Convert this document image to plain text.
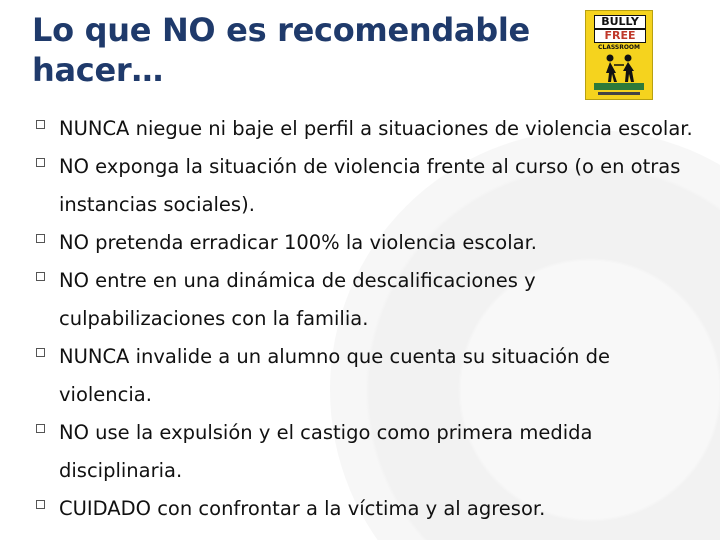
Lo que NO es recomendable hacer…
BULLY
FREE
CLASSROOM
NUNCA niegue ni baje el perfil a situaciones de violencia escolar.
NO exponga la situación de violencia frente al curso (o en otras instancias sociales).
NO pretenda erradicar 100% la violencia escolar.
NO entre en una dinámica de descalificaciones y culpabilizaciones con la familia.
NUNCA invalide a un alumno que cuenta su situación de violencia.
NO use la expulsión y el castigo como primera medida disciplinaria.
CUIDADO con confrontar a la víctima y al agresor.
